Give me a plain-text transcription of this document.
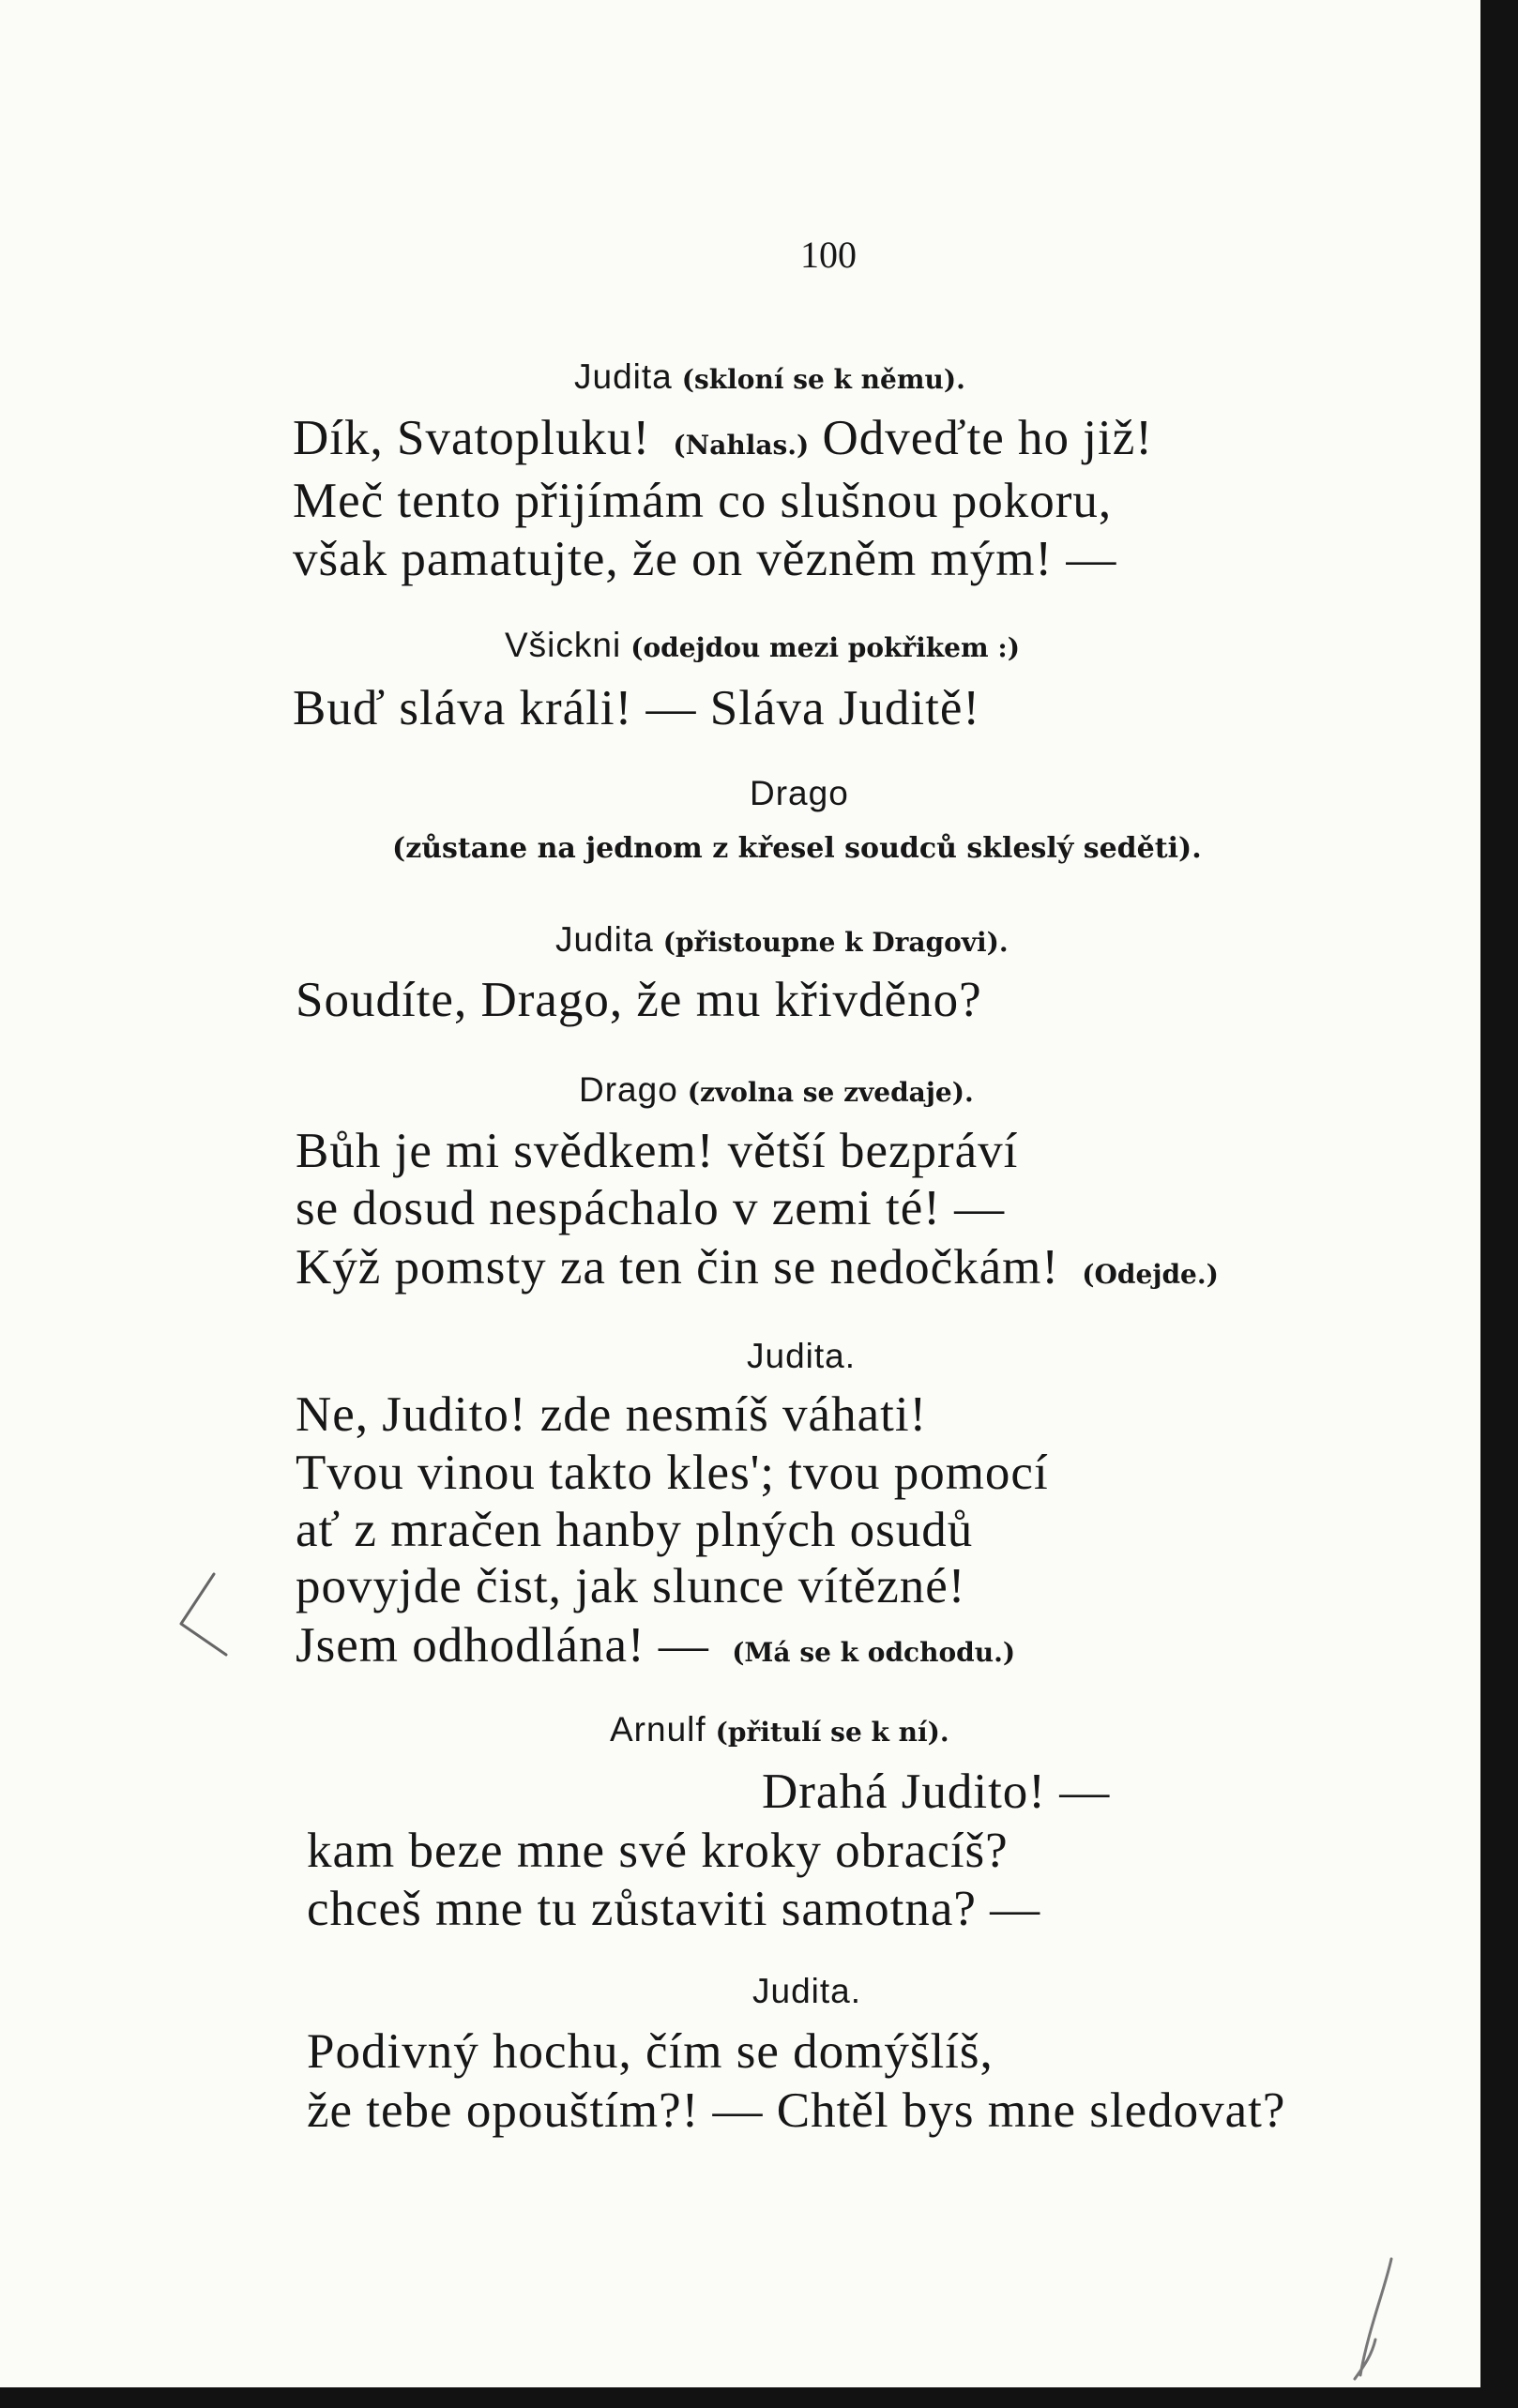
100
Judita (skloní se k němu).
Dík, Svatopluku! (Nahlas.) Odveďte ho již!
Meč tento přijímám co slušnou pokoru,
však pamatujte, že on vězněm mým! —
Všickni (odejdou mezi pokřikem :)
Buď sláva králi! — Sláva Juditě!
Drago
(zůstane na jednom z křesel soudců skleslý seděti).
Judita (přistoupne k Dragovi).
Soudíte, Drago, že mu křivděno?
Drago (zvolna se zvedaje).
Bůh je mi svědkem! větší bezpráví
se dosud nespáchalo v zemi té! —
Kýž pomsty za ten čin se nedočkám! (Odejde.)
Judita.
Ne, Judito! zde nesmíš váhati!
Tvou vinou takto kles'; tvou pomocí
ať z mračen hanby plných osudů
povyjde čist, jak slunce vítězné!
Jsem odhodlána! — (Má se k odchodu.)
Arnulf (přitulí se k ní).
Drahá Judito! —
kam beze mne své kroky obracíš?
chceš mne tu zůstaviti samotna? —
Judita.
Podivný hochu, čím se domýšlíš,
že tebe opouštím?! — Chtěl bys mne sledovat?
